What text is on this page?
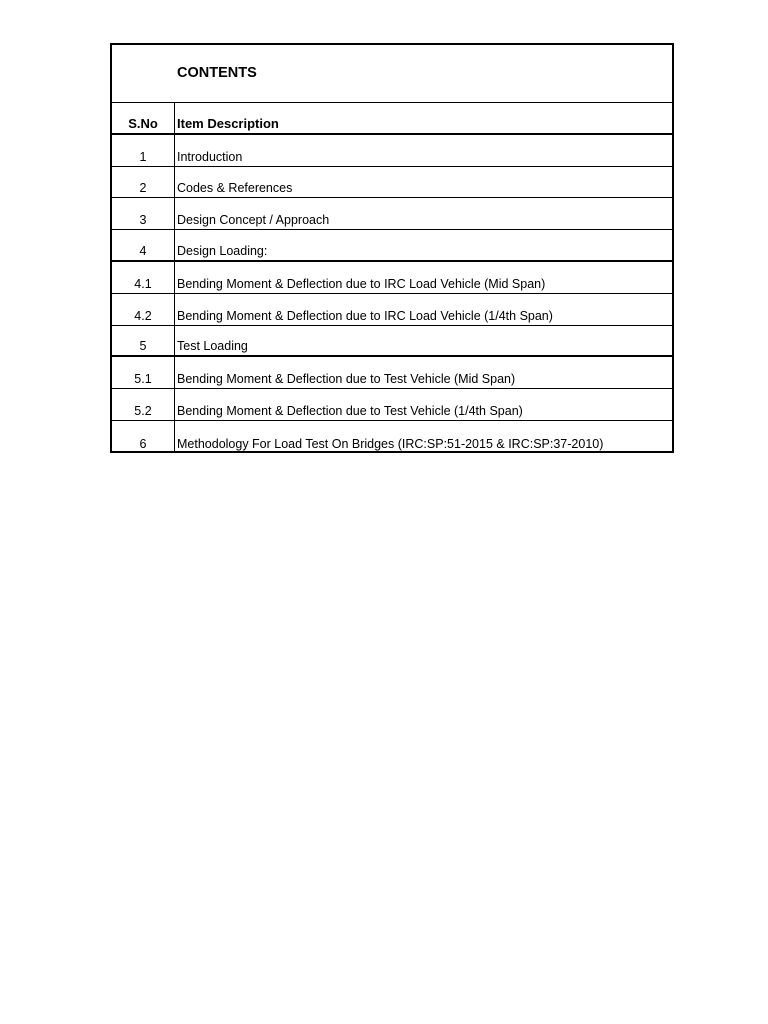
CONTENTS
S.No	Item Description
1	Introduction
2	Codes & References
3	Design Concept / Approach
4	Design Loading:
4.1	Bending Moment & Deflection due to IRC Load Vehicle (Mid Span)
4.2	Bending Moment & Deflection due to IRC Load Vehicle (1/4th Span)
5	Test Loading
5.1	Bending Moment & Deflection due to Test Vehicle (Mid Span)
5.2	Bending Moment & Deflection due to Test Vehicle (1/4th Span)
6	Methodology For Load Test On Bridges (IRC:SP:51-2015 & IRC:SP:37-2010)
